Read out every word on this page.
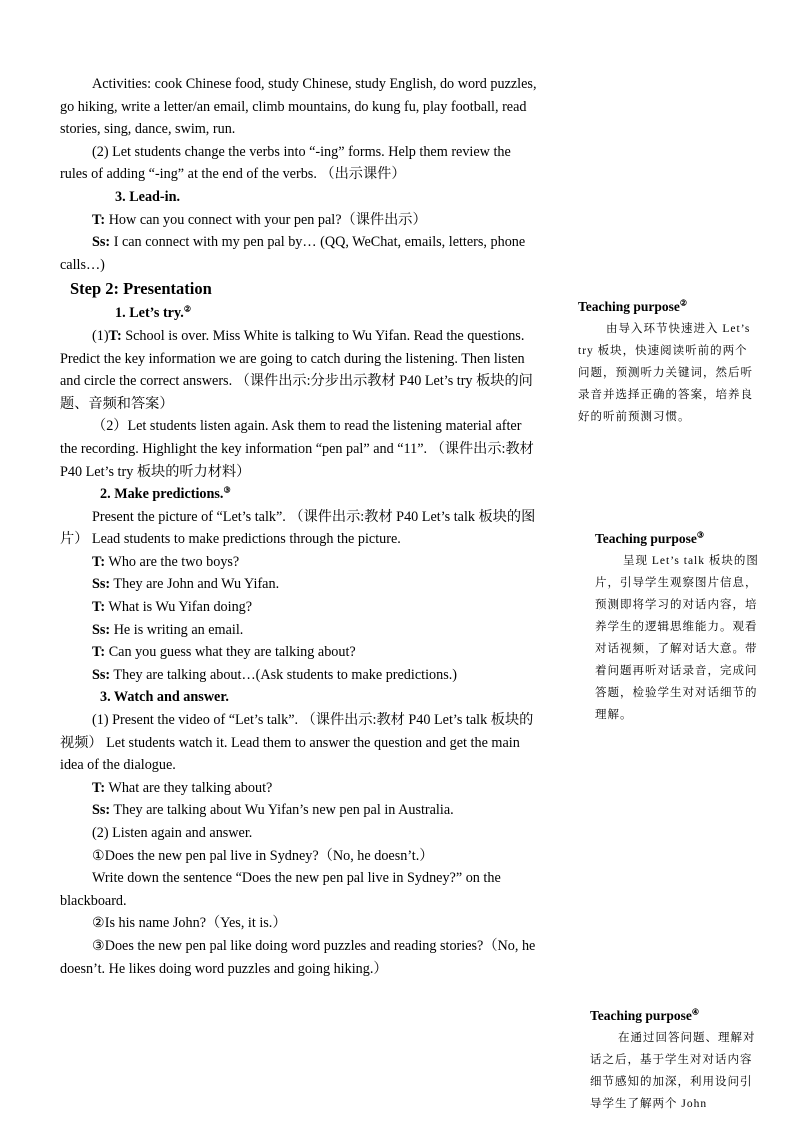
Activities: cook Chinese food, study Chinese, study English, do word puzzles, go hiking, write a letter/an email, climb mountains, do kung fu, play football, read stories, sing, dance, swim, run.

(2) Let students change the verbs into “-ing” forms. Help them review the rules of adding “-ing” at the end of the verbs. （出示课件）

3. Lead-in.

T: How can you connect with your pen pal?（课件出示）

Ss: I can connect with my pen pal by… (QQ, WeChat, emails, letters, phone calls…)

Step 2: Presentation

1. Let’s try.②

(1)T: School is over. Miss White is talking to Wu Yifan. Read the questions. Predict the key information we are going to catch during the listening. Then listen and circle the correct answers. （课件出示:分步出示教材 P40 Let’s try 板块的问题、音频和答案）

（2）Let students listen again. Ask them to read the listening material after the recording. Highlight the key information “pen pal” and “11”. （课件出示:教材 P40 Let’s try 板块的听力材料）

2. Make predictions.③

Present the picture of “Let’s talk”. （课件出示:教材 P40 Let’s talk 板块的图片） Lead students to make predictions through the picture.

T: Who are the two boys?

Ss: They are John and Wu Yifan.

T: What is Wu Yifan doing?

Ss: He is writing an email.

T: Can you guess what they are talking about?

Ss: They are talking about…(Ask students to make predictions.)

3. Watch and answer.

(1) Present the video of “Let’s talk”. （课件出示:教材 P40 Let’s talk 板块的视频） Let students watch it. Lead them to answer the question and get the main idea of the dialogue.

T: What are they talking about?

Ss: They are talking about Wu Yifan’s new pen pal in Australia.

(2) Listen again and answer.

①Does the new pen pal live in Sydney?（No, he doesn’t.）

Write down the sentence “Does the new pen pal live in Sydney?” on the blackboard.

②Is his name John?（Yes, it is.）

③Does the new pen pal like doing word puzzles and reading stories?（No, he doesn’t. He likes doing word puzzles and going hiking.）

Teaching purpose②

由导入环节快速进入 Let’s try 板块，快速阅读听前的两个问题，预测听力关键词，然后听录音并选择正确的答案，培养良好的听前预测习惯。

Teaching purpose③

呈现 Let’s talk 板块的图片，引导学生观察图片信息，预测即将学习的对话内容，培养学生的逻辑思维能力。观看对话视频，了解对话大意。带着问题再听对话录音，完成问答题，检验学生对对话细节的理解。

Teaching purpose④

在通过回答问题、理解对话之后，基于学生对对话内容细节感知的加深，利用设问引导学生了解两个 John
